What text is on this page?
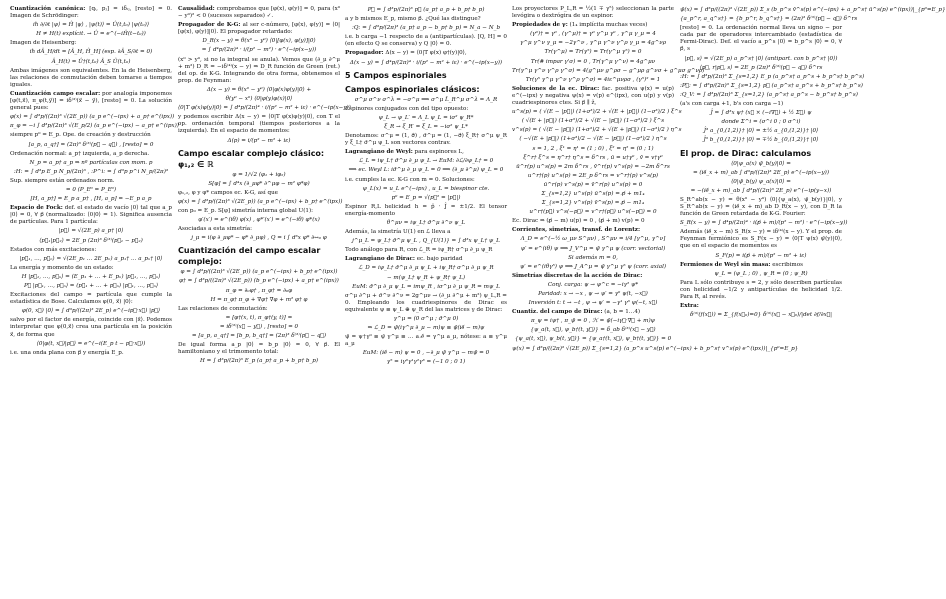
Cuantización canónica: [qᵢ, pⱼ] = iδᵢⱼ, [resto] = 0. Imagen de Schrödinger:
iℏ ∂/∂t |ψ⟩ = Ĥ |ψ⟩ , |ψ(t)⟩ = Û(t,t₀) |ψ(t₀)⟩
H ≠ H(t) explícit. → Û = e^(−iĤ(t−t₀))
Imagen de Heisenberg:
iℏ dÂ_H/dt = [Â_H, Ĥ_H] (esp. ∂Â_S/∂t = 0)
Â_H(t) = Û†(t,t₀) Â_S Û(t,t₀)
Ambas imágenes son equivalentes. En la de Heisenberg, las relaciones de conmutación deben tomarse a tiempos iguales.
Cuantización campo escalar: por analogía imponemos [φ(t,x⃗), π_φ(t,y⃗)] = iδ⁽³⁾(x⃗ − y⃗), [resto] = 0. La solución general pues:
φ(x) = ∫ d³p/((2π)³ √(2E_p)) (a_p e^(−ipx) + a_p† e^(ipx))
π_φ = −i ∫ d³p/(2π)³ √(E_p/2) (a_p e^(−ipx) − a_p† e^(ipx))
siempre p⁰ = E_p. Ope. de creación y destrucción
[a_p, a_q†] = (2π)³ δ⁽³⁾(p⃗ − q⃗) , [resto] = 0
Ordenación normal: a_p† izquierda, a_p derecha.
N_p = a_p† a_p ⇒ nº partículas con mom. p
:H: = ∫ d³p E_p N_p/(2π)³ , :P^i: = ∫ d³p p^i N_p/(2π)³
Sup. siempre están ordenados norm.
= 0 (P_E⁰ = P_E⁰)
[H, a_p†] = E_p a_p† , [H, a_p] = −E_p a_p
Espacio de Fock: def. el estado de vacío |0⟩ tal que a_p |0⟩ = 0, ∀ p⃗ (normalizado: ⟨0|0⟩ = 1). Significa ausencia de partículas. Para 1 partícula:
|p⃗⟩ = √(2E_p) a_p† |0⟩
⟨p⃗₁|p⃗₂⟩ = 2E_p (2π)³ δ⁽³⁾(p⃗₁ − p⃗₂)
Estados con más excitaciones:
|p⃗₁, …, p⃗ₙ⟩ = √(2E_p₁ … 2E_pₙ) a_p₁† … a_pₙ† |0⟩
La energía y momento de un estado:
H |p⃗₁, …, p⃗ₙ⟩ = (E_p₁ + … + E_pₙ) |p⃗₁, …, p⃗ₙ⟩
P⃗ |p⃗₁, …, p⃗ₙ⟩ = (p⃗₁ + … + p⃗ₙ) |p⃗₁, …, p⃗ₙ⟩
Excitaciones del campo = partícula que cumple la estadística de Bose. Calculamos φ(0, x⃗) |0⟩:
φ(0, x⃗) |0⟩ = ∫ d³p/((2π)³ 2E_p) e^(−ip⃗·x⃗) |p⃗⟩
salvo por el factor de energía, coincide con |x⃗⟩. Podemos interpretar que φ(0,x⃗) crea una partícula en la posición x⃗, de forma que
⟨0|φ(t, x⃗)|p⃗⟩ = e^(−i(E_p t − p⃗·x⃗))
i.e. una onda plana con p⃗ y energía E_p.
Causalidad: comprobamos que [φ(x), φ(y)] = 0, para (x⁰ − y⁰)² < 0 (sucesos separados) ✓.
Propagador de K-G: al ser c-número, [φ(x), φ(y)] = ⟨0|[φ(x), φ(y)]|0⟩. El propagador retardado:
D_R(x − y) = θ(x⁰ − y⁰) ⟨0|[φ(x), φ(y)]|0⟩
= ∫ d⁴p/(2π)⁴ · i/(p² − m²) · e^(−ip(x−y))
(x⁰ > y⁰, si no la integral se anula). Vemos que (∂_μ ∂^μ + m²) D_R = −iδ⁽⁴⁾(x − y) ⇒ D_R función de Green (ret.) del op. de K-G. Integrando de otra forma, obtenemos el prop. de Feynman:
Δ(x − y) = θ(x⁰ − y⁰) ⟨0|φ(x)φ(y)|0⟩ +
θ(y⁰ − x⁰) ⟨0|φ(y)φ(x)|0⟩
⟨0|T φ(x)φ(y)|0⟩ = ∫ d⁴p/(2π)⁴ · i/(p² − m² + iε) · e^(−ip(x−y))
y podemos escribir Δ(x − y) = ⟨0|T φ(x)φ(y)|0⟩, con T el op. ordenación temporal (tiempos posteriores a la izquierda). En el espacio de momentos:
Δ(p) = i/(p² − m² + iε)
Campo escalar complejo clásico: φ₁,₂ ∈ ℝ
φ = 1/√2 (φ₁ + iφ₂)
S[φ] = ∫ d⁴x (∂_μφ* ∂^μφ − m² φ*φ)
φ₁,₂, φ y φ* campos ec. K-G, así que
φ(x) = ∫ d³p/((2π)³ √(2E_p)) (a_p e^(−ipx) + b_p† e^(ipx))
con p₀ = E_p. S[φ] simetría interna global U(1):
φ′(x′) = e^(iθ) φ(x) , φ*′(x′) = e^(−iθ) φ*(x)
Asociadas a esta simetría:
j_μ = i(φ ∂_μφ* − φ* ∂_μφ) , Q = i ∫ d³x φ* ∂↔₀ φ
Cuantización del campo escalar complejo:
φ = ∫ d³p/((2π)³ √(2E_p)) (a_p e^(−ipx) + b_p† e^(ipx))
φ† = ∫ d³p/((2π)³ √(2E_p)) (b_p e^(−ipx) + a_p† e^(ipx))
π_φ = ∂₀φ† , π_φ† = ∂₀φ
H = π_φ† π_φ + ∇φ† ∇φ + m² φ† φ
Las relaciones de conmutación:
= [φ†(x, t), π_φ†(y, t)] =
= iδ⁽³⁾(x⃗ − y⃗) , [resto] = 0
= [a_p, a_q†] = [b_p, b_q†] = (2π)³ δ⁽³⁾(p⃗ − q⃗)
De igual forma a_p |0⟩ = b_p |0⟩ = 0, ∀ p⃗. El hamiltoniano y el trimomento total:
H = ∫ d³p/(2π)³ E_p (a_p† a_p + b_p† b_p)
P⃗ = ∫ d³p/(2π)³ p⃗ (a_p† a_p + b_p† b_p)
a y b mismos E_p, mismo p⃗. ¿Qué las distingue?
:Q: = ∫ d³p/(2π)³ (a_p† a_p − b_p† b_p) = N_a − N_b
i.e. b carga −1 respecto de a (antipartículas). [Q, H] = 0 (en efecto Q se conserva) y Q |0⟩ = 0.
Propagador: Δ(x − y) = ⟨0|T φ(x) φ†(y)|0⟩,
Δ(x − y) = ∫ d⁴p/(2π)⁴ · i/(p² − m² + iε) · e^(−ip(x−y))
5 Campos espinoriales
Campos espinoriales clásicos:
σ^μ σ^ν σ^λ = −σ^μ ⟹ σ^μ L̂_R^μ σ^λ = Λ_R
Espinores conjugados con del tipo opuesto:
ψ_L → ψ_L′ = Λ_L ψ_L = iσ² ψ_R*
ξ_R → ξ_R′ = ξ_L = −iσ² ψ_L*
Denotamos: σ^μ = (1, σ⃗) , σ̄^μ = (1, −σ⃗) ξ_R† σ^μ ψ_R y ξ_L† σ̄^μ ψ_L son vectores contrav.
Lagrangiano de Weyl: para espinores L,
ℒ_L = iψ_L† σ̄^μ ∂_μ ψ_L → EuM: ∂ℒ/∂ψ_L† = 0
⟹ ec. Weyl L: iσ̄^μ ∂_μ ψ_L = 0 ⟹ (∂_μ ∂^μ) ψ_L = 0
i.e. cumples la ec. K-G con m = 0. Soluciones:
ψ_L(x) = u_L e^(−ipx) , u_L = biespinor cte.
p⁰ = E_p = √(p⃗² = |p⃗|)
Espinor R,L helicidad h = p̂ · Ĵ = ±1/2. El tensor energía-momento
θ^μν = iψ_L† σ̄^μ ∂^ν ψ_L
Además, la simetría U(1) en ℒ lleva a
j^μ_L = ψ_L† σ̄^μ ψ_L , Q_{U(1)} = ∫ d³x ψ_L† ψ_L
Todo análogo para R, con ℒ_R = iψ_R† σ^μ ∂_μ ψ_R
Lagrangiano de Dirac: ec. bajo paridad
ℒ_D = iψ_L† σ̄^μ ∂_μ ψ_L + iψ_R† σ^μ ∂_μ ψ_R
− m(ψ_L† ψ_R + ψ_R† ψ_L)
EuM: σ̄^μ ∂_μ ψ_L = imψ_R , iσ^μ ∂_μ ψ_R = mψ_L
σ^μ ∂^μ + σ̄^ν ∂^ν = 2g^μν → (∂_μ ∂^μ + m²) ψ_L,R = 0. Empleando los cuadriespinores de Dirac es equivalente ψ ≡ ψ_L ⊕ ψ_R del las matrices γ de Dirac:
γ^μ = (0 σ^μ ; σ̄^μ 0)
⇒ ℒ_D = ψ̄(iγ^μ ∂_μ − m)ψ ≡ ψ̄(i∂̸ − m)ψ
ψ̄ = ψ†γ⁰ ≡ ψ̄ γ^μ ≡ … a ∂̸ = γ^μ a_μ, nótese: a ≡ γ^μ a_μ
EuM: (i∂̸ − m) ψ = 0 , −∂_μ ψ̄ γ^μ − mψ̄ = 0
γ⁵ = iγ⁰γ¹γ²γ³ = (−1 0 ; 0 1)
Los proyectores P_L,R = ½(1 ∓ γ⁵) seleccionan la parte levógira o dextrógira de un espinor.
Propiedades de γ: (1₄ implícita muchas veces)
(γ⁰)† = γ⁰ , (γ^μ)† = γ⁰ γ^μ γ⁰ , γ^μ γ_μ = 4
γ^μ γ^ν γ_μ = −2γ^ν , γ^μ γ^ν γ^ρ γ_μ = 4g^νρ
Tr(γ^μ) = Tr(γ⁵) = Tr(γ^μ γ⁵) = 0
Tr(# impar γ'σ) = 0 , Tr(γ^μ γ^ν) = 4g^μν
Tr(γ^μ γ^ν γ^ρ γ^σ) = 4(g^μν g^ρσ − g^μρ g^νσ + g^μσ g^νρ)
Tr(γ⁵ γ^μ γ^ν γ^ρ γ^σ) = 4iε^μνρσ , (γ⁵)² = 1
Soluciones de la ec. Dirac: fac. positiva ψ(x) = u(p) e^(−ipx) y negativa ψ(x) = v(p) e^(ipx), con u(p) y v(p) cuadriespinores ctes. Si p⃗ ∥ ẑ,
u^s(p) = ( √(E − |p⃗|) (1+σ³)/2 + √(E + |p⃗|) (1−σ³)/2 ) ξ^s
( √(E + |p⃗|) (1+σ³)/2 + √(E − |p⃗|) (1−σ³)/2 ) ξ^s
v^s(p) = ( √(E − |p⃗|) (1+σ³)/2 + √(E + |p⃗|) (1−σ³)/2 ) η^s
( −√(E + |p⃗|) (1+σ³)/2 − √(E − |p⃗|) (1−σ³)/2 ) η^s
s = 1, 2 , ξ¹ = η¹ = (1 ; 0) , ξ² = η² = (0 ; 1)
ξ^r† ξ^s = η^r† η^s = δ^rs , ū = u†γ⁰ , v̄ = v†γ⁰
ū^r(p) u^s(p) = 2m δ^rs , v̄^r(p) v^s(p) = −2m δ^rs
u^r†(p) u^s(p) = 2E_p δ^rs = v^r†(p) v^s(p)
ū^r(p) v^s(p) = v̄^r(p) u^s(p) = 0
Σ_{s=1,2} u^s(p) ū^s(p) = p̸ + m1₄
Σ_{s=1,2} v^s(p) v̄^s(p) = p̸ − m1₄
u^r†(p⃗) v^s(−p⃗) = v^r†(p⃗) u^s(−p⃗) = 0
Ec. Dirac ⇒ (p̸ − m) u(p) = 0 , (p̸ + m) v(p) = 0
Corrientes, simetrías, transf. de Lorentz:
Λ_D = e^(−½ ω_μν S^μν) , S^μν = i/4 [γ^μ, γ^ν]
ψ′ = e^(iθ) ψ ⟹ J_V^μ = ψ̄ γ^μ ψ (corr. vectorial)
Si además m = 0,
ψ′ = e^(iθγ⁵) ψ ⟹ J_A^μ = ψ̄ γ^μ γ⁵ ψ (corr. axial)
Simetrías discretas de la acción de Dirac:
Conj. carga: ψ → ψ^c = −iγ² ψ*
Paridad: x → −x , ψ → ψ′ = γ⁰ ψ(t, −x⃗)
Inversión t: t → −t , ψ → ψ′ = −γ¹ γ³ ψ(−t, x⃗)
Cuantiz. del campo de Dirac: (a, b = 1…4)
π_ψ = iψ† , π_ψ̄ = 0 , ℋ = ψ̄(−iγ⃗·∇⃗ + m)ψ
{ψ_a(t, x⃗), ψ_b†(t, y⃗)} = δ_ab δ⁽³⁾(x⃗ − y⃗)
{ψ_a(t, x⃗), ψ_b(t, y⃗)} = {ψ_a†(t, x⃗), ψ_b†(t, y⃗)} = 0
ψ(x) = ∫ d³p/((2π)³ √(2E_p)) Σ_{s=1,2} (a_p^s u^s(p) e^(−ipx) + b_p^s† v^s(p) e^(ipx))|_{p⁰=E_p}
ψ̄(x) = ∫ d³p/((2π)³ √(2E_p)) Σ_s (b_p^s v̄^s(p) e^(−ipx) + a_p^s† ū^s(p) e^(ipx))|_{p⁰=E_p}
{a_p^r, a_q^s†} = {b_p^r, b_q^s†} = (2π)³ δ⁽³⁾(p⃗ − q⃗) δ^rs
[resto] = 0. La ordenación normal lleva un signo − por cada par de operadores intercambiado (estadística de Fermi-Dirac). Def. el vacío a_p^s |0⟩ = b_p^s |0⟩ = 0, ∀ p⃗, s
|p⃗, s⟩ = √(2E_p) a_p^s† |0⟩ (antipart. con b_p^s† |0⟩)
⟨p⃗, r|p⃗, s⟩ = 2E_p (2π)³ δ⁽³⁾(p⃗ − q⃗) δ^rs
:H: = ∫ d³p/(2π)³ Σ_{s=1,2} E_p (a_p^s† a_p^s + b_p^s† b_p^s)
:P⃗: = ∫ d³p/(2π)³ Σ_{s=1,2} p⃗ (a_p^s† a_p^s + b_p^s† b_p^s)
:Q_V: = ∫ d³p/(2π)³ Σ_{s=1,2} (a_p^s† a_p^s − b_p^s† b_p^s)
(a's con carga +1, b's con carga −1)
Ĵ = ∫ d³x ψ† (x⃗ × (−i∇⃗) + ½ Σ⃗) ψ
donde Σ^i = (σ^i 0 ; 0 σ^i)
Ĵ³ a_{0,(1,2)}† |0⟩ = ±½ a_{0,(1,2)}† |0⟩
Ĵ³ b_{0,(1,2)}† |0⟩ = ∓½ b_{0,(1,2)}† |0⟩
El prop. de Dirac: calculamos
⟨0|ψ_a(x) ψ̄_b(y)|0⟩ =
= (i∂̸_x + m)_ab ∫ d³p/((2π)³ 2E_p) e^(−ip(x−y))
⟨0|ψ̄_b(y) ψ_a(x)|0⟩ =
= −(i∂̸_x + m)_ab ∫ d³p/((2π)³ 2E_p) e^(−ip(y−x))
S_R^ab(x − y) = θ(x⁰ − y⁰) ⟨0|{ψ_a(x), ψ̄_b(y)}|0⟩, y S_R^ab(x − y) = (i∂̸_x + m)_ab D_R(x − y), con D_R la función de Green retardada de K-G. Fourier:
S_R(x − y) = ∫ d⁴p/(2π)⁴ · i(p̸ + m)/(p² − m²) · e^(−ip(x−y))
Además (i∂̸_x − m) S_R(x − y) = iδ⁽⁴⁾(x − y). Y el prop. de Feynman fermiónico es S_F(x − y) = ⟨0|T ψ(x) ψ̄(y)|0⟩, que en el espacio de momentos es
S_F(p) = i(p̸ + m)/(p² − m² + iε)
Fermiones de Weyl sin masa: escribimos
ψ_L = (ψ_L ; 0) , ψ_R = (0 ; ψ_R)
Para L sólo contribuye s = 2, y sólo describen partículas con helicidad −1/2 y antipartículas de helicidad 1/2. Para R, al revés.
Extra:
δ⁽³⁾(f(x⃗)) = Σ_{f(x⃗₀)=0} δ⁽³⁾(x⃗ − x⃗₀)/|det ∂f/∂x⃗|
